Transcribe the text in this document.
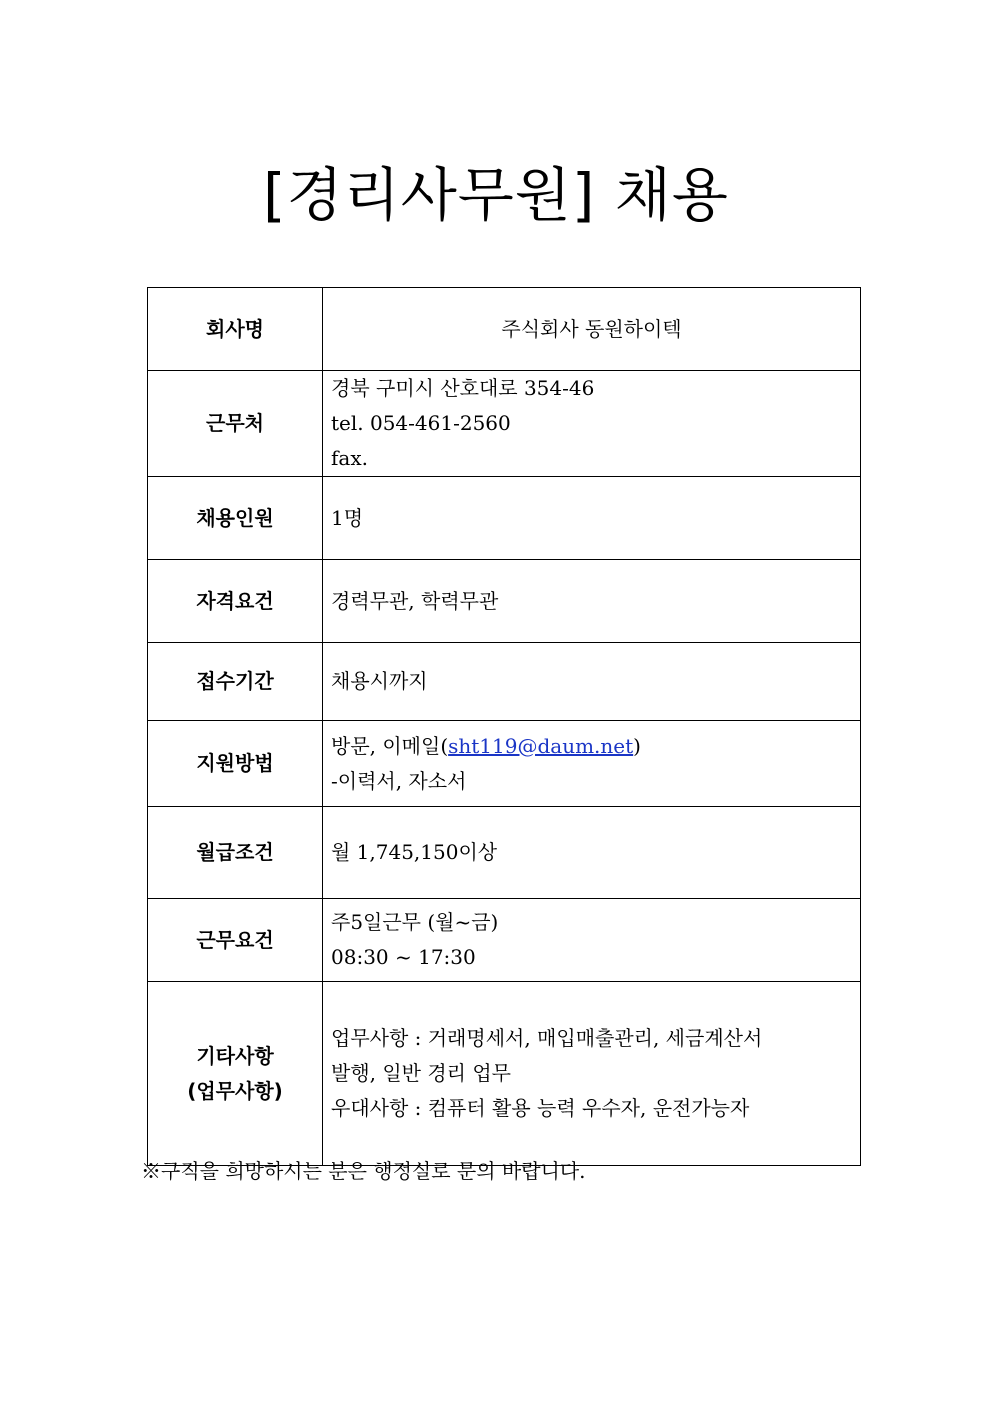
[경리사무원] 채용
회사명	주식회사 동원하이텍
근무처	경북 구미시 산호대로 354-46
tel. 054-461-2560
fax.

채용인원	1명
자격요건	경력무관, 학력무관
접수기간	채용시까지
지원방법	방문, 이메일(sht119@daum.net)
-이력서, 자소서

월급조건	월 1,745,150이상
근무요건	주5일근무 (월~금)
08:30 ~ 17:30

기타사항
(업무사항)	업무사항 : 거래명세서, 매입매출관리, 세금계산서
발행, 일반 경리 업무
우대사항 : 컴퓨터 활용 능력 우수자, 운전가능자
※구직을 희망하시는 분은 행정실로 문의 바랍니다.
